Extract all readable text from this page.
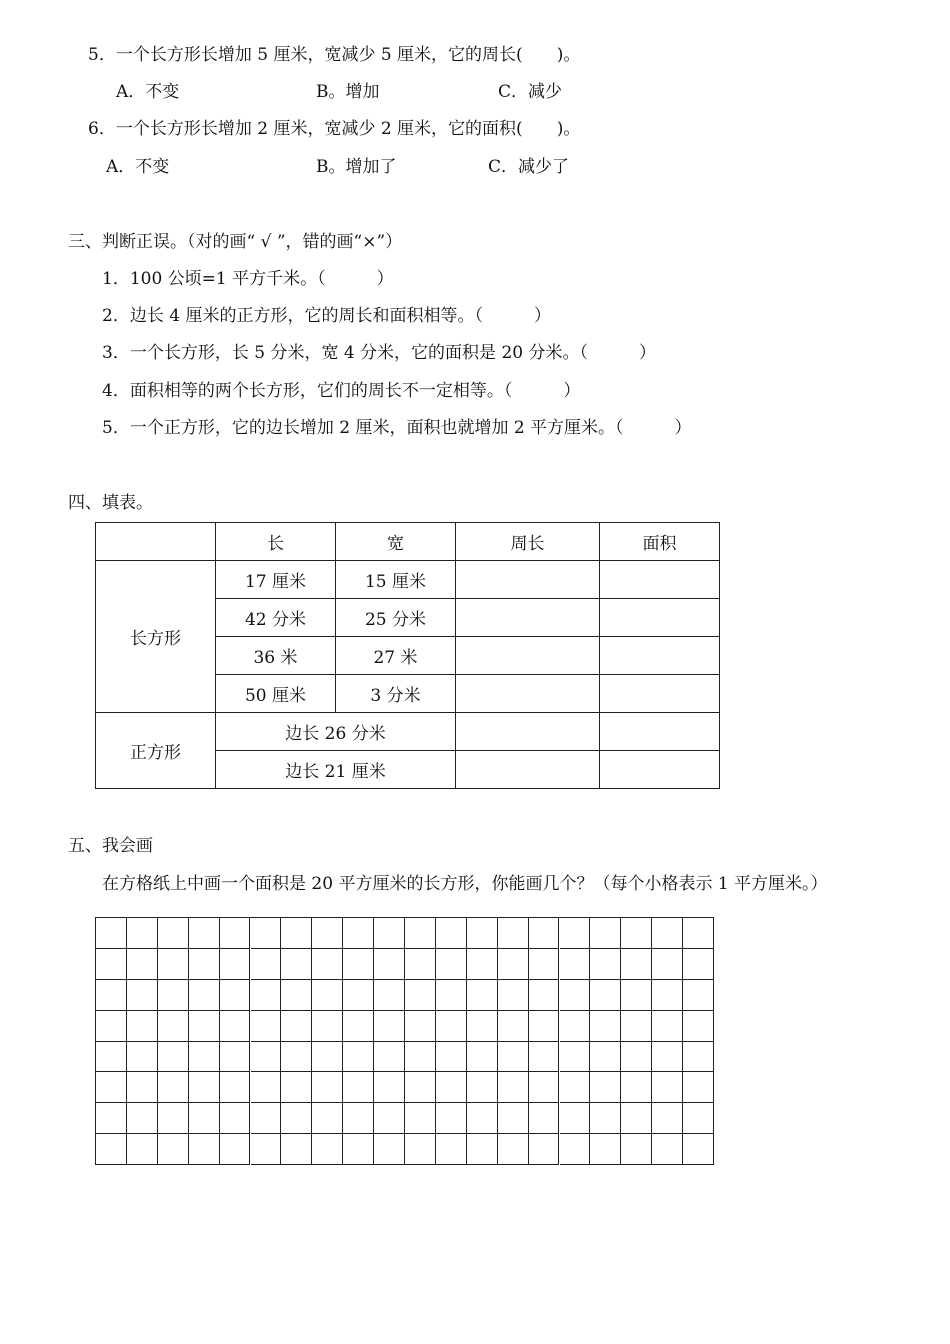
5．一个长方形长增加 5 厘米，宽减少 5 厘米，它的周长(　　)。
A．不变	B。增加	C．减少
6．一个长方形长增加 2 厘米，宽减少 2 厘米，它的面积(　　)。
A．不变	B。增加了	C．减少了
三、判断正误。（对的画“ √ ”，错的画“×”）
1．100 公顷=1 平方千米。（　　　）
2．边长 4 厘米的正方形，它的周长和面积相等。（　　　）
3．一个长方形，长 5 分米，宽 4 分米，它的面积是 20 分米。（　　　）
4．面积相等的两个长方形，它们的周长不一定相等。（　　　）
5．一个正方形，它的边长增加 2 厘米，面积也就增加 2 平方厘米。（　　　）
四、填表。
	长	宽	周长	面积
长方形	17 厘米	15 厘米		
	42 分米	25 分米		
	36 米	27 米		
	50 厘米	3 分米		
正方形	边长 26 分米			
	边长 21 厘米			
五、我会画
在方格纸上中画一个面积是 20 平方厘米的长方形，你能画几个？（每个小格表示 1 平方厘米。）
